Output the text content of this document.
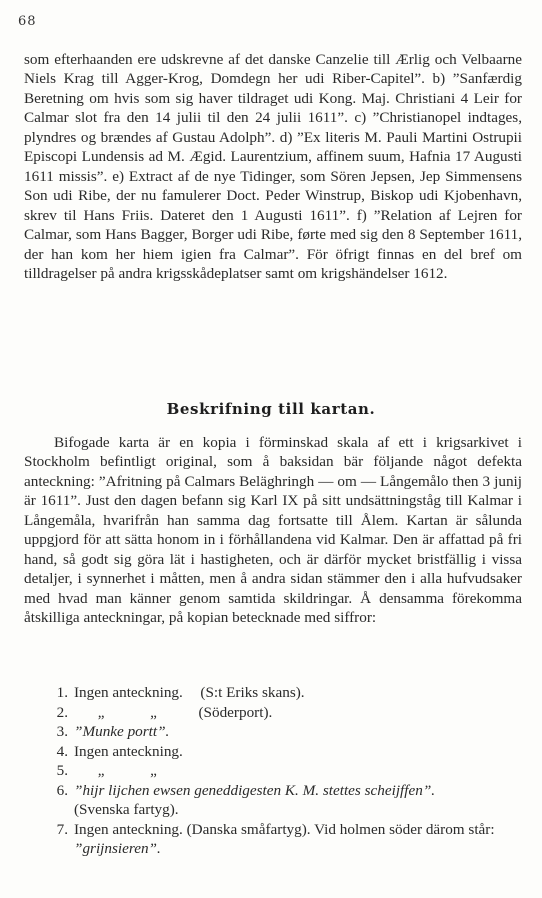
68

som efterhaanden ere udskrevne af det danske Canzelie till Ærlig och Velbaarne Niels Krag till Agger-Krog, Domdegn her udi Riber-Capitel”. b) ”Sanfærdig Beretning om hvis som sig haver tildraget udi Kong. Maj. Christiani 4 Leir for Calmar slot fra den 14 julii til den 24 julii 1611”. c) ”Christianopel indtages, plyndres og brændes af Gustau Adolph”. d) ”Ex literis M. Pauli Martini Ostrupii Episcopi Lundensis ad M. Ægid. Laurentzium, affinem suum, Hafnia 17 Augusti 1611 missis”. e) Extract af de nye Tidinger, som Sören Jepsen, Jep Simmensens Son udi Ribe, der nu famulerer Doct. Peder Winstrup, Biskop udi Kjobenhavn, skrev til Hans Friis. Dateret den 1 Augusti 1611”. f) ”Relation af Lejren for Calmar, som Hans Bagger, Borger udi Ribe, førte med sig den 8 September 1611, der han kom her hiem igien fra Calmar”. För öfrigt finnas en del bref om tilldragelser på andra krigsskådeplatser samt om krigshändelser 1612.

Beskrifning till kartan.

Bifogade karta är en kopia i förminskad skala af ett i krigsarkivet i Stockholm befintligt original, som å baksidan bär följande något defekta anteckning: ”Afritning på Calmars Beläghringh — om — Långemålo then 3 junij är 1611”. Just den dagen befann sig Karl IX på sitt undsättningståg till Kalmar i Långemåla, hvarifrån han samma dag fortsatte till Ålem. Kartan är sålunda uppgjord för att sätta honom in i förhållandena vid Kalmar. Den är affattad på fri hand, så godt sig göra lät i hastigheten, och är därför mycket bristfällig i vissa detaljer, i synnerhet i måtten, men å andra sidan stämmer den i alla hufvudsaker med hvad man känner genom samtida skildringar. Å densamma förekomma åtskilliga anteckningar, på kopian betecknade med siffror:

1. Ingen anteckning. (S:t Eriks skans).
2. „	„	(Söderport).
3. ”Munke portt”.
4. Ingen anteckning.
5. „	„
6. ”hijr lijchen ewsen geneddigesten K. M. stettes scheijffen”.
(Svenska fartyg).
7. Ingen anteckning. (Danska småfartyg). Vid holmen söder därom står: ”grijnsieren”.
